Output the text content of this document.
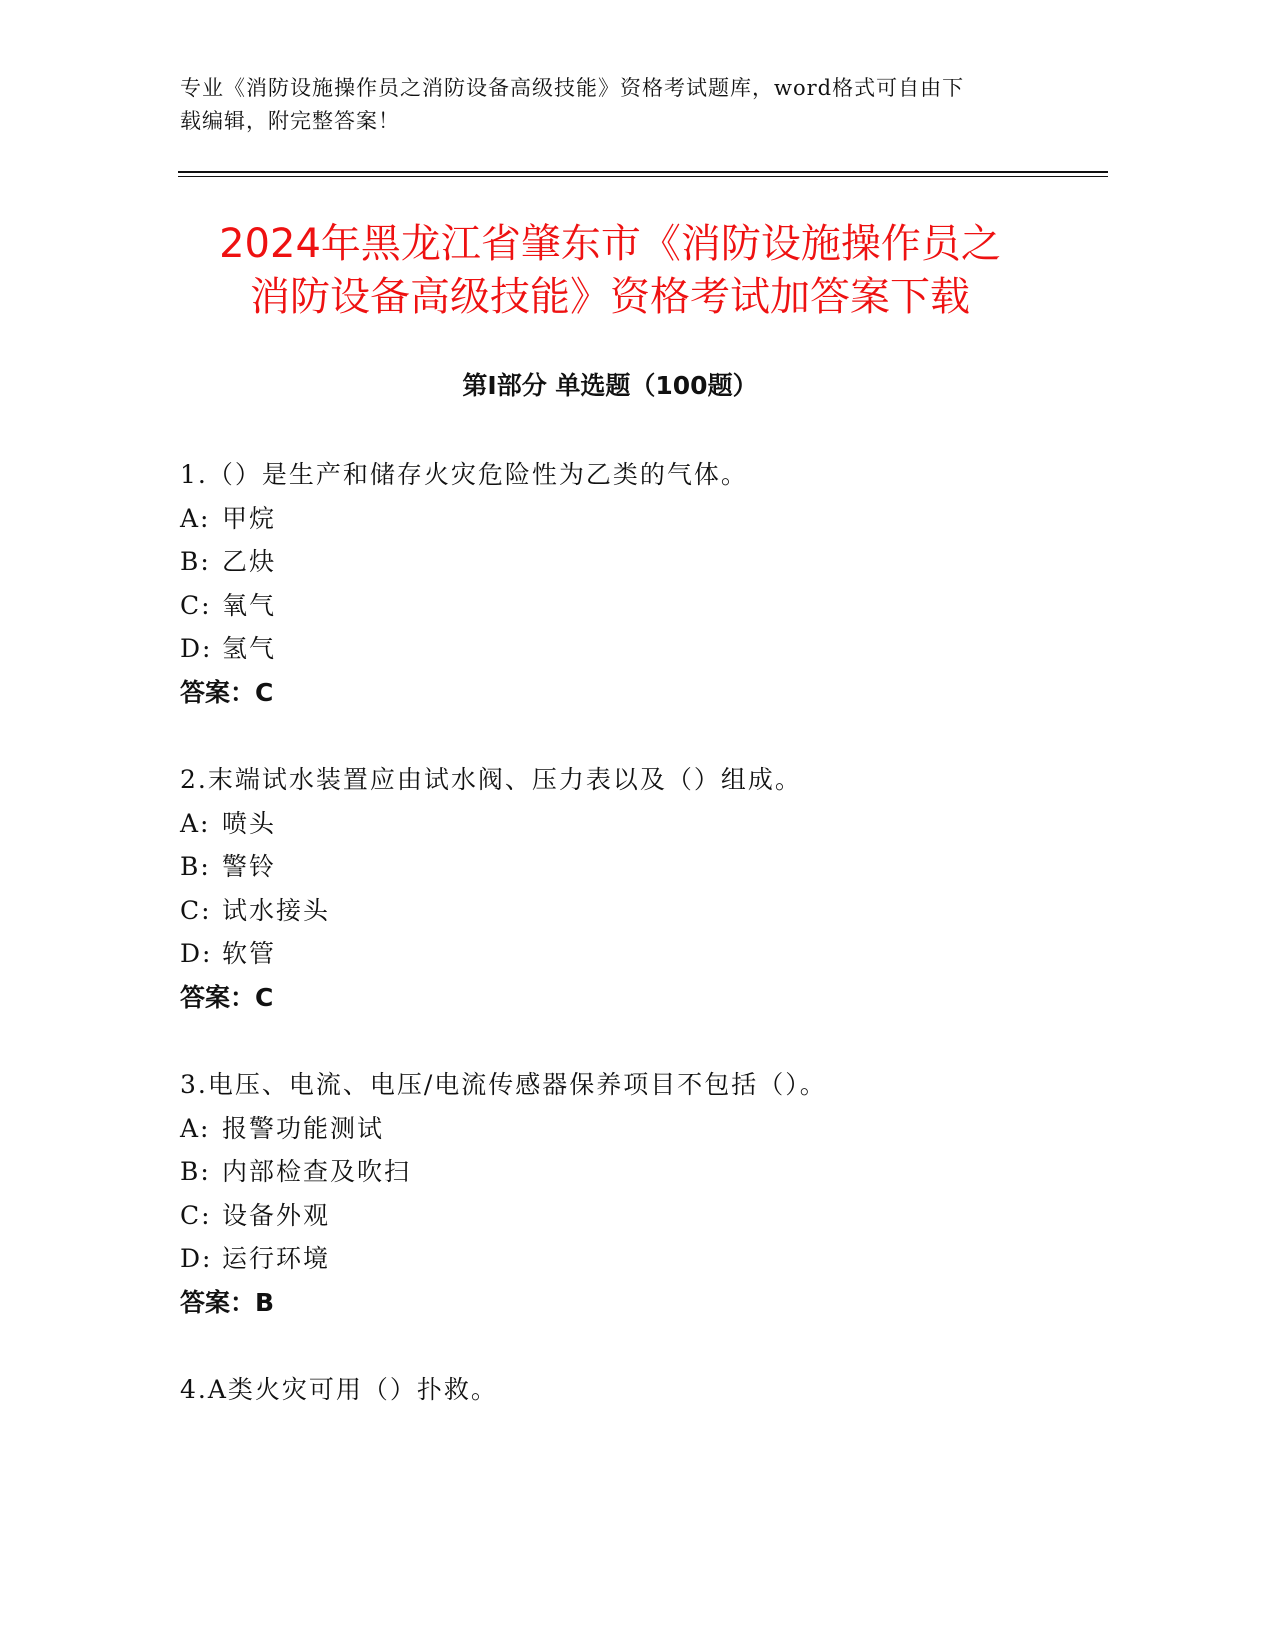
专业《消防设施操作员之消防设备高级技能》资格考试题库，word格式可自由下
载编辑，附完整答案！
2024年黑龙江省肇东市《消防设施操作员之
消防设备高级技能》资格考试加答案下载
第Ⅰ部分 单选题（100题）
1.（）是生产和储存火灾危险性为乙类的气体。
A: 甲烷
B: 乙炔
C: 氧气
D: 氢气
答案：C
2.末端试水装置应由试水阀、压力表以及（）组成。
A: 喷头
B: 警铃
C: 试水接头
D: 软管
答案：C
3.电压、电流、电压/电流传感器保养项目不包括（）。
A: 报警功能测试
B: 内部检查及吹扫
C: 设备外观
D: 运行环境
答案：B
4.A类火灾可用（）扑救。
